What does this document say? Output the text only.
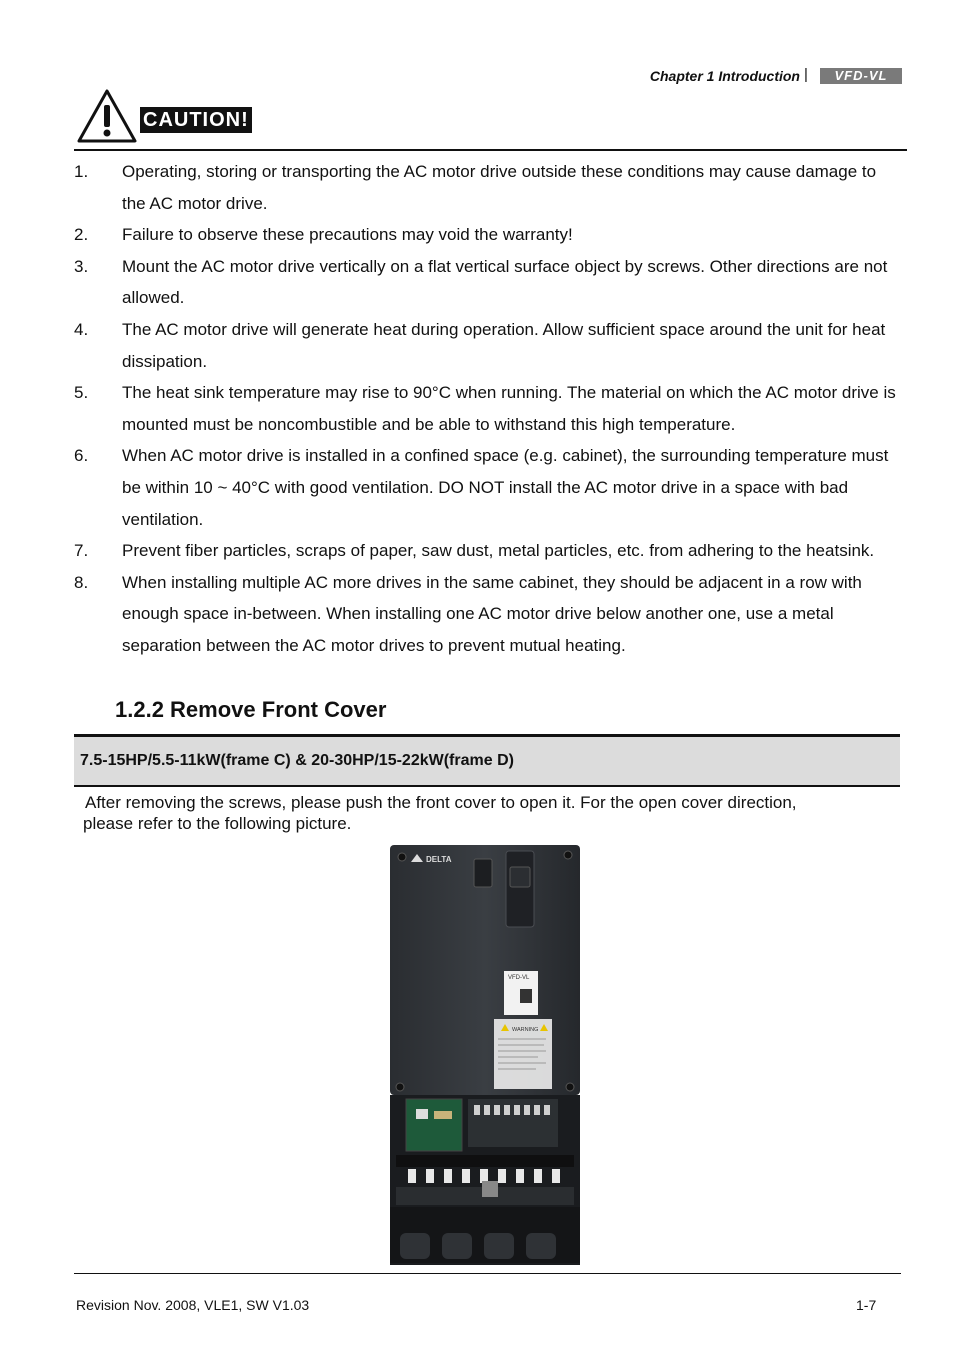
Chapter 1 Introduction |	VFD-VL
CAUTION!
1. Operating, storing or transporting the AC motor drive outside these conditions may cause damage to the AC motor drive.
2. Failure to observe these precautions may void the warranty!
3. Mount the AC motor drive vertically on a flat vertical surface object by screws. Other directions are not allowed.
4. The AC motor drive will generate heat during operation. Allow sufficient space around the unit for heat dissipation.
5. The heat sink temperature may rise to 90°C when running. The material on which the AC motor drive is mounted must be noncombustible and be able to withstand this high temperature.
6. When AC motor drive is installed in a confined space (e.g. cabinet), the surrounding temperature must be within 10 ~ 40°C with good ventilation. DO NOT install the AC motor drive in a space with bad ventilation.
7. Prevent fiber particles, scraps of paper, saw dust, metal particles, etc. from adhering to the heatsink.
8. When installing multiple AC more drives in the same cabinet, they should be adjacent in a row with enough space in-between. When installing one AC motor drive below another one, use a metal separation between the AC motor drives to prevent mutual heating.
1.2.2 Remove Front Cover
7.5-15HP/5.5-11kW(frame C) & 20-30HP/15-22kW(frame D)
After removing the screws, please push the front cover to open it. For the open cover direction,
please refer to the following picture.
DELTA
VFD-VL
WARNING
Revision Nov. 2008, VLE1, SW V1.03	1-7
